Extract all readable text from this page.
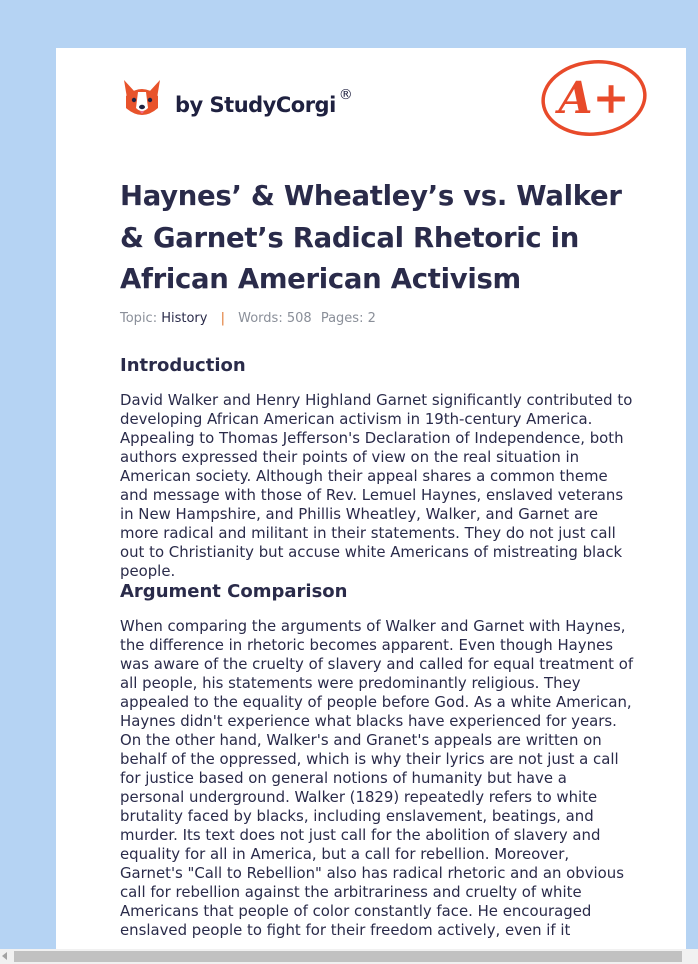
by StudyCorgi ®	A+
Haynes’ & Wheatley’s vs. Walker & Garnet’s Radical Rhetoric in African American Activism
Topic: History | Words: 508 Pages: 2
Introduction

David Walker and Henry Highland Garnet significantly contributed to developing African American activism in 19th-century America. Appealing to Thomas Jefferson's Declaration of Independence, both authors expressed their points of view on the real situation in American society. Although their appeal shares a common theme and message with those of Rev. Lemuel Haynes, enslaved veterans in New Hampshire, and Phillis Wheatley, Walker, and Garnet are more radical and militant in their statements. They do not just call out to Christianity but accuse white Americans of mistreating black people.

Argument Comparison

When comparing the arguments of Walker and Garnet with Haynes, the difference in rhetoric becomes apparent. Even though Haynes was aware of the cruelty of slavery and called for equal treatment of all people, his statements were predominantly religious. They appealed to the equality of people before God. As a white American, Haynes didn't experience what blacks have experienced for years. On the other hand, Walker's and Granet's appeals are written on behalf of the oppressed, which is why their lyrics are not just a call for justice based on general notions of humanity but have a personal underground. Walker (1829) repeatedly refers to white brutality faced by blacks, including enslavement, beatings, and murder. Its text does not just call for the abolition of slavery and equality for all in America, but a call for rebellion. Moreover, Garnet's "Call to Rebellion" also has radical rhetoric and an obvious call for rebellion against the arbitrariness and cruelty of white Americans that people of color constantly face. He encouraged enslaved people to fight for their freedom actively, even if it
